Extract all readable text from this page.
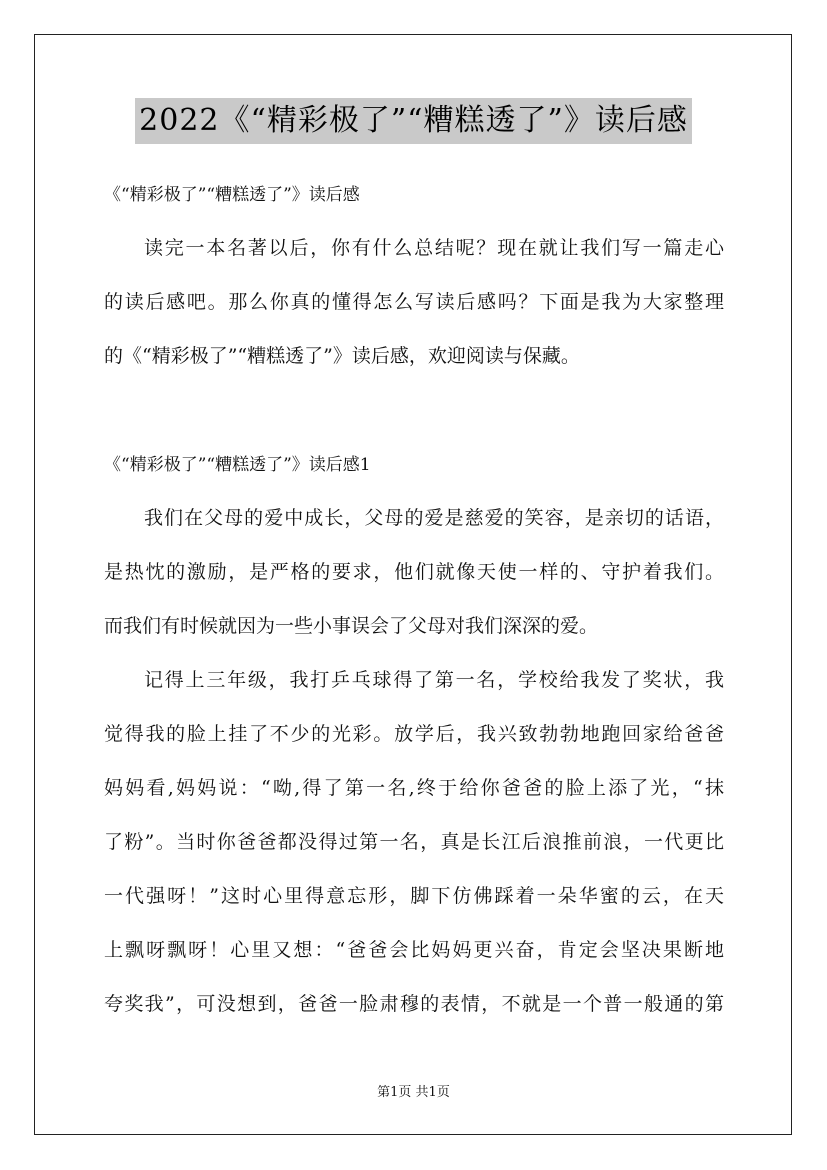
2022《“精彩极了”“糟糕透了”》读后感
《“精彩极了”“糟糕透了”》读后感
读完一本名著以后，你有什么总结呢？现在就让我们写一篇走心
的读后感吧。那么你真的懂得怎么写读后感吗？下面是我为大家整理
的《“精彩极了”“糟糕透了”》读后感，欢迎阅读与保藏。
《“精彩极了”“糟糕透了”》读后感1
我们在父母的爱中成长，父母的爱是慈爱的笑容，是亲切的话语，
是热忱的激励，是严格的要求，他们就像天使一样的、守护着我们。
而我们有时候就因为一些小事误会了父母对我们深深的爱。
记得上三年级，我打乒乓球得了第一名，学校给我发了奖状，我
觉得我的脸上挂了不少的光彩。放学后，我兴致勃勃地跑回家给爸爸
妈妈看,妈妈说：“呦,得了第一名,终于给你爸爸的脸上添了光，“抹
了粉”。当时你爸爸都没得过第一名，真是长江后浪推前浪，一代更比
一代强呀！”这时心里得意忘形，脚下仿佛踩着一朵华蜜的云，在天
上飘呀飘呀！心里又想：“爸爸会比妈妈更兴奋，肯定会坚决果断地
夸奖我”，可没想到，爸爸一脸肃穆的表情，不就是一个普一般通的第
第1页 共1页
